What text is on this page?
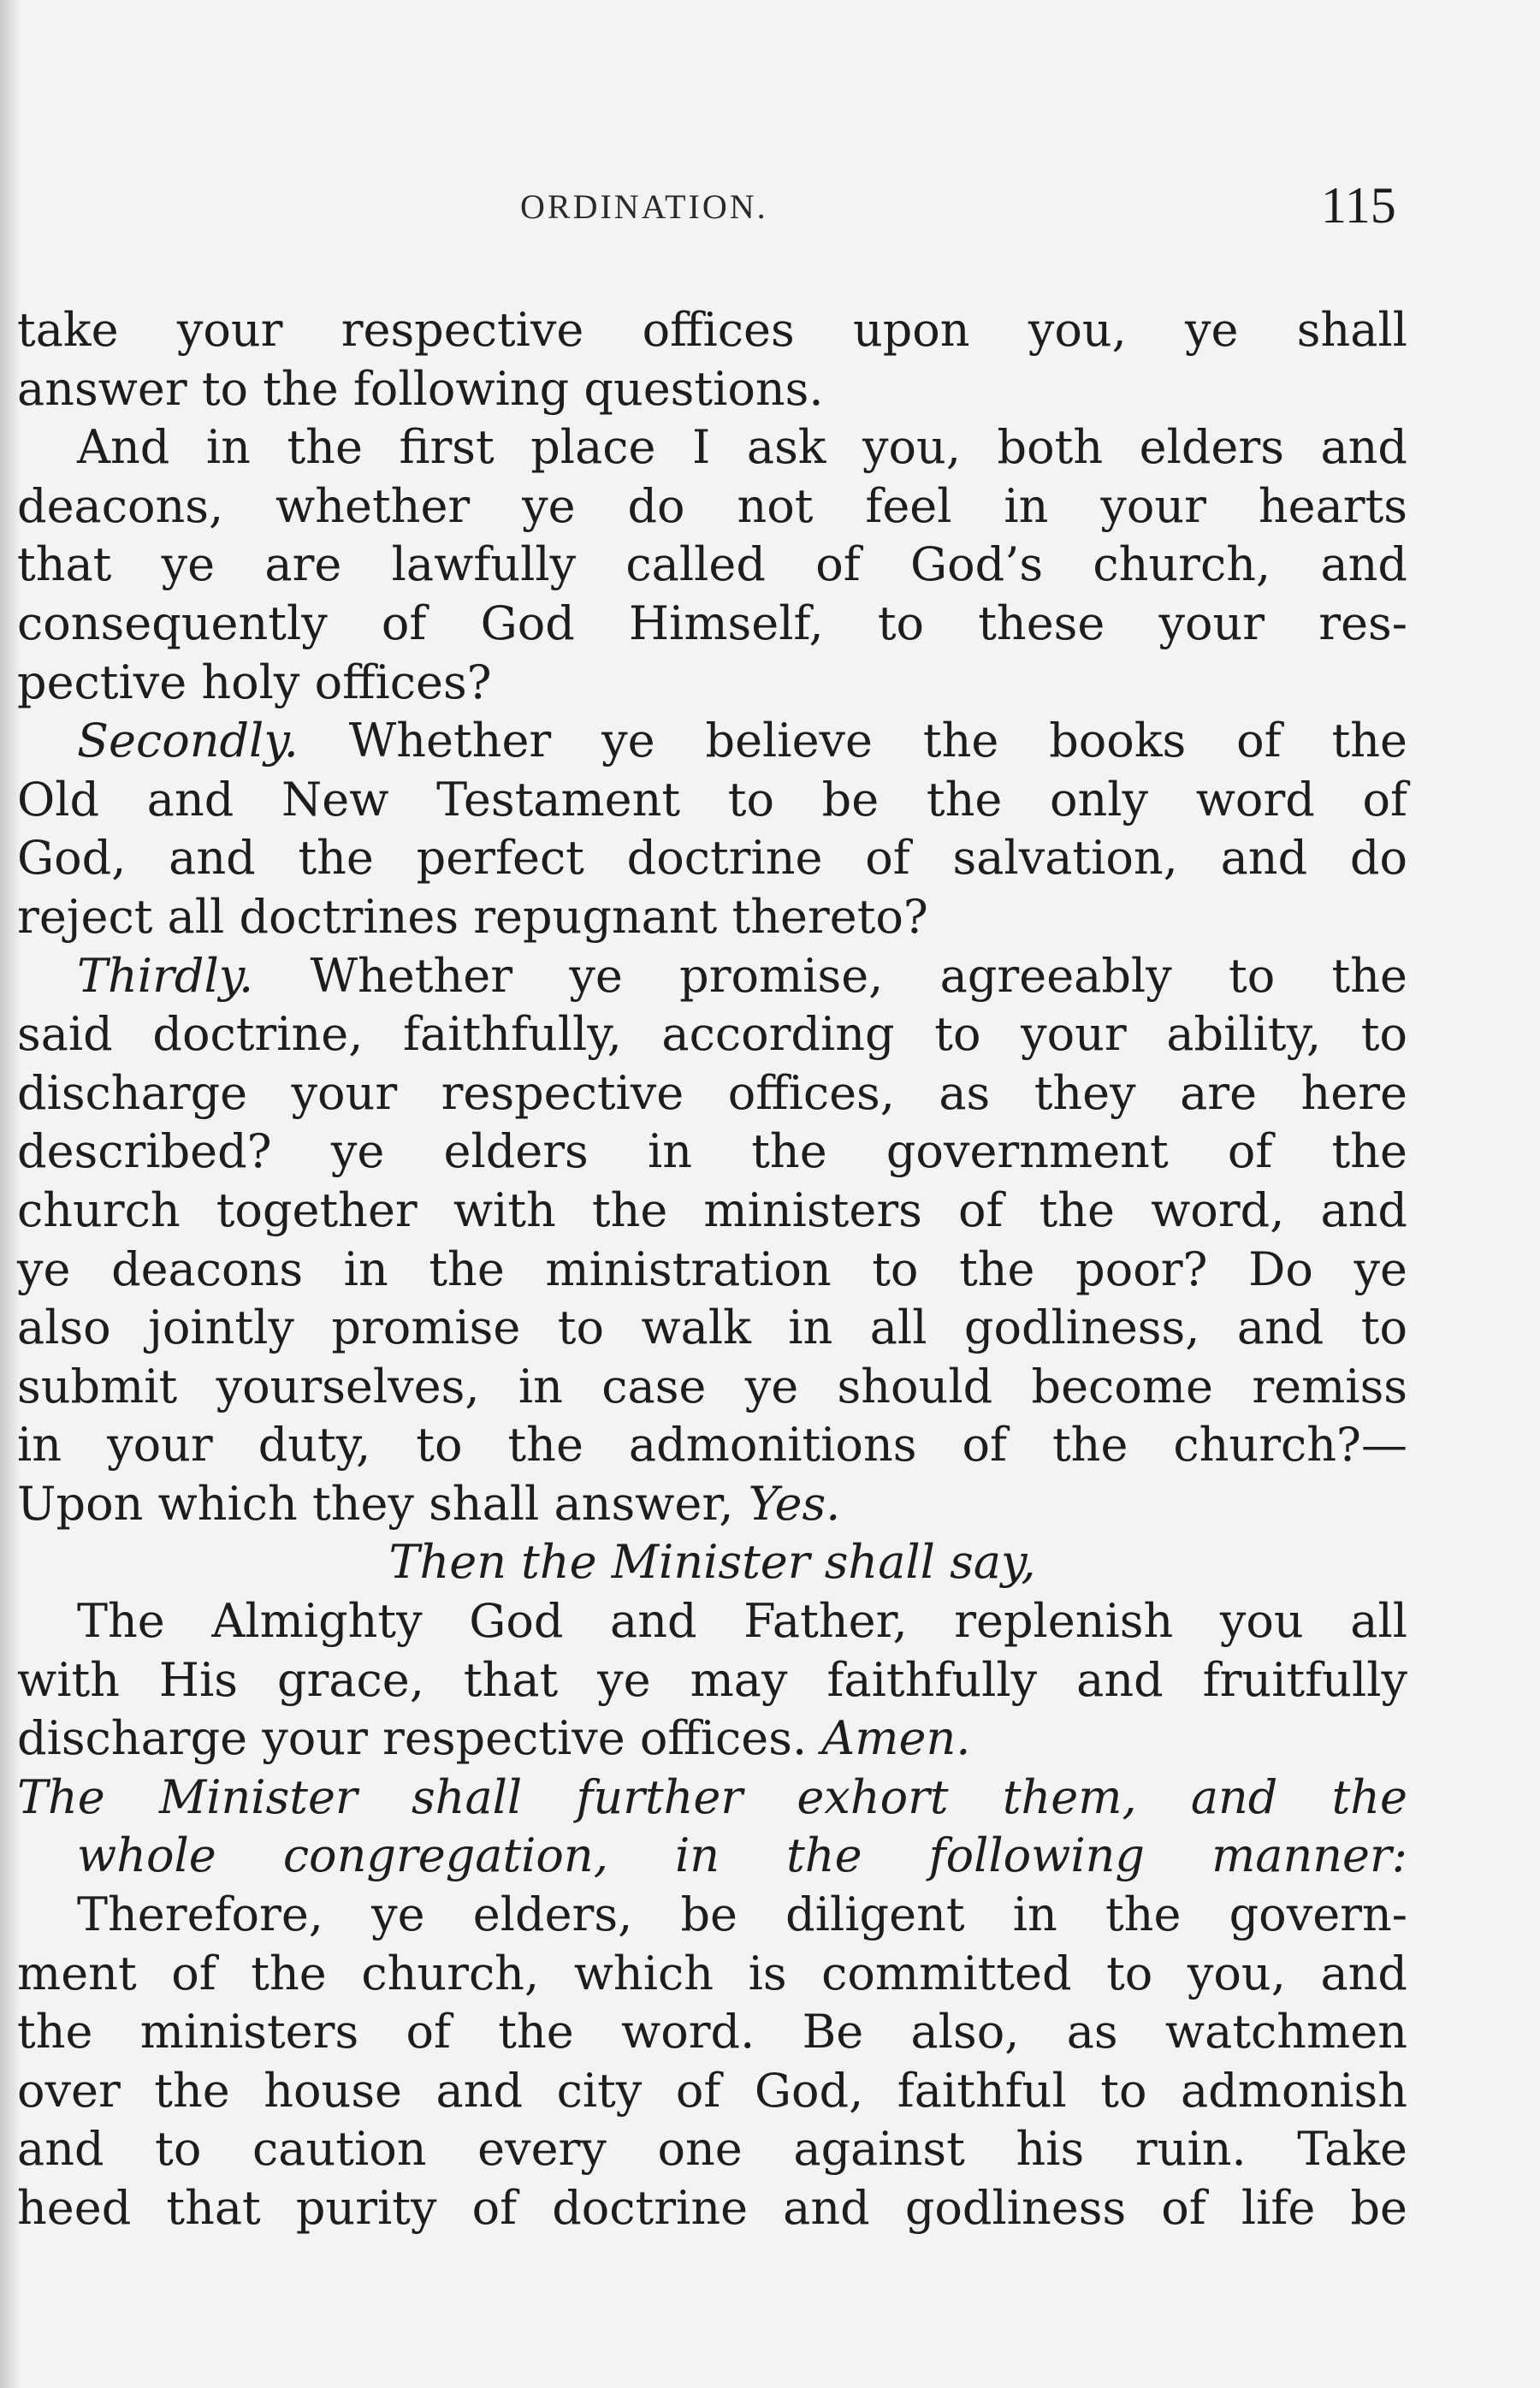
ORDINATION.	115
take your respective offices upon you, ye shall
answer to the following questions.
And in the first place I ask you, both elders and
deacons, whether ye do not feel in your hearts
that ye are lawfully called of God’s church, and
consequently of God Himself, to these your res-
pective holy offices?
Secondly. Whether ye believe the books of the
Old and New Testament to be the only word of
God, and the perfect doctrine of salvation, and do
reject all doctrines repugnant thereto?
Thirdly. Whether ye promise, agreeably to the
said doctrine, faithfully, according to your ability, to
discharge your respective offices, as they are here
described? ye elders in the government of the
church together with the ministers of the word, and
ye deacons in the ministration to the poor? Do ye
also jointly promise to walk in all godliness, and to
submit yourselves, in case ye should become remiss
in your duty, to the admonitions of the church?—
Upon which they shall answer, Yes.
Then the Minister shall say,
The Almighty God and Father, replenish you all
with His grace, that ye may faithfully and fruitfully
discharge your respective offices. Amen.
The Minister shall further exhort them, and the
whole congregation, in the following manner:
Therefore, ye elders, be diligent in the govern-
ment of the church, which is committed to you, and
the ministers of the word. Be also, as watchmen
over the house and city of God, faithful to admonish
and to caution every one against his ruin. Take
heed that purity of doctrine and godliness of life be
